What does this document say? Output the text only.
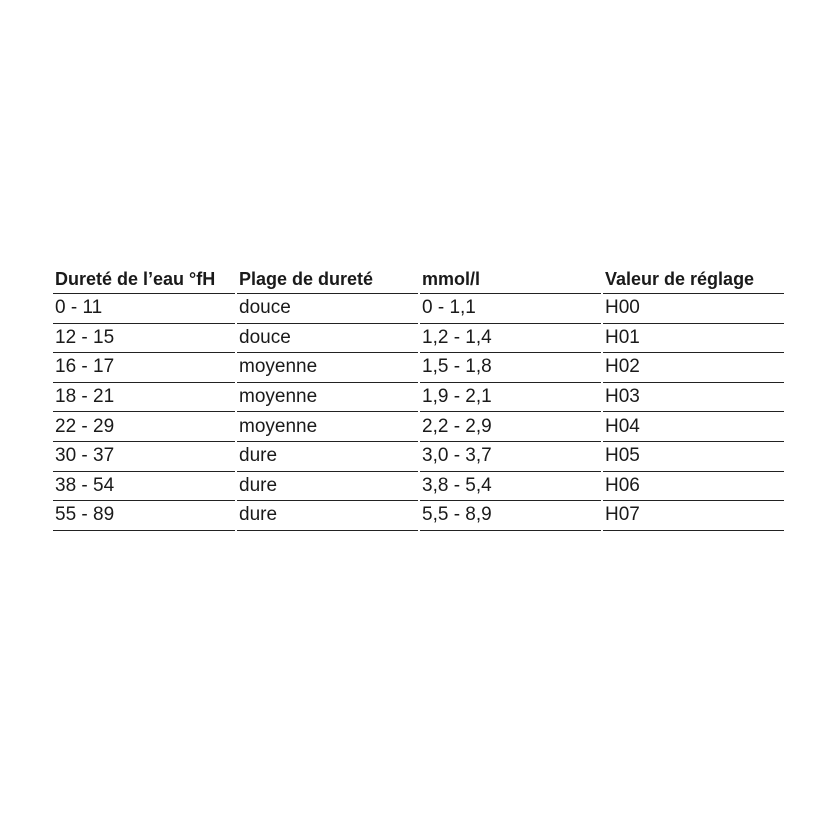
Dureté de l’eau °fH	Plage de dureté	mmol/l	Valeur de réglage
0 - 11	douce	0 - 1,1	H00
12 - 15	douce	1,2 - 1,4	H01
16 - 17	moyenne	1,5 - 1,8	H02
18 - 21	moyenne	1,9 - 2,1	H03
22 - 29	moyenne	2,2 - 2,9	H04
30 - 37	dure	3,0 - 3,7	H05
38 - 54	dure	3,8 - 5,4	H06
55 - 89	dure	5,5 - 8,9	H07
